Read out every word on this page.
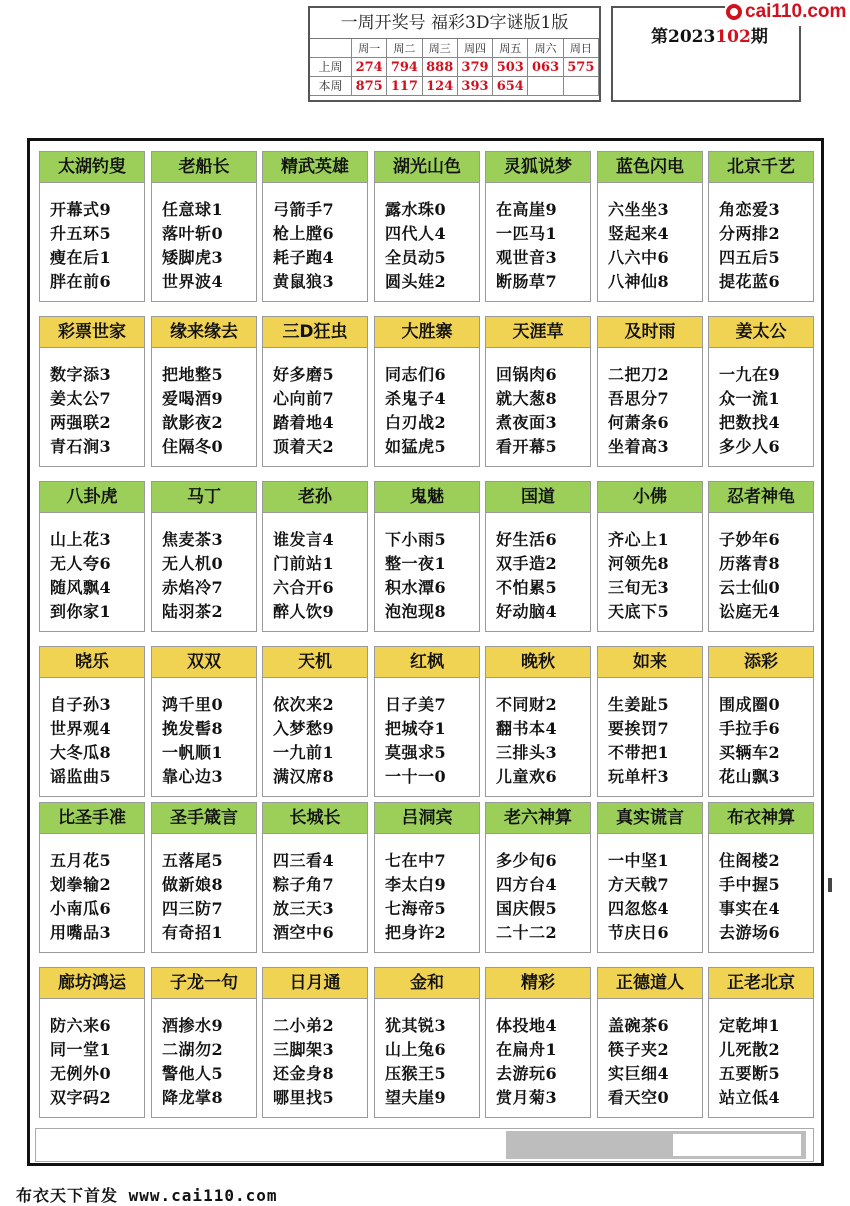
一周开奖号 福彩3D字谜版1版
周一	周二	周三	周四	周五	周六	周日
上周	274 794 888 379 503 063 575
本周	875 117 124 393 654
第2023102期
cai110.com
太湖钓叟
开幕式9
升五环5
瘦在后1
胖在前6
老船长
任意球1
落叶斩0
矮脚虎3
世界波4
精武英雄
弓箭手7
枪上膛6
耗子跑4
黄鼠狼3
湖光山色
露水珠0
四代人4
全员动5
圆头娃2
灵狐说梦
在高崖9
一匹马1
观世音3
断肠草7
蓝色闪电
六坐坐3
竖起来4
八六中6
八神仙8
北京千艺
角恋爱3
分两排2
四五后5
提花蓝6
彩票世家
数字添3
姜太公7
两强联2
青石涧3
缘来缘去
把地整5
爱喝酒9
歆影夜2
住隔冬0
三D狂虫
好多磨5
心向前7
踏着地4
顶着天2
大胜寨
同志们6
杀鬼子4
白刃战2
如猛虎5
天涯草
回锅肉6
就大葱8
煮夜面3
看开幕5
及时雨
二把刀2
吾思分7
何萧条6
坐着高3
姜太公
一九在9
众一流1
把数找4
多少人6
八卦虎
山上花3
无人夸6
随风飘4
到你家1
马丁
焦麦茶3
无人机0
赤焰冷7
陆羽茶2
老孙
谁发言4
门前站1
六合开6
醉人饮9
鬼魅
下小雨5
整一夜1
积水潭6
泡泡现8
国道
好生活6
双手造2
不怕累5
好动脑4
小佛
齐心上1
河领先8
三旬无3
天底下5
忍者神龟
子妙年6
历落青8
云士仙0
讼庭无4
晓乐
自子孙3
世界观4
大冬瓜8
谣监曲5
双双
鸿千里0
挽发髻8
一帆顺1
靠心边3
天机
依次来2
入梦愁9
一九前1
满汉席8
红枫
日子美7
把城夺1
莫强求5
一十一0
晚秋
不同财2
翻书本4
三排头3
儿童欢6
如来
生姜趾5
要挨罚7
不带把1
玩单杆3
添彩
围成圈0
手拉手6
买辆车2
花山飘3
比圣手准
五月花5
划拳输2
小南瓜6
用嘴品3
圣手箴言
五落尾5
做新娘8
四三防7
有奇招1
长城长
四三看4
粽子角7
放三天3
酒空中6
吕洞宾
七在中7
李太白9
七海帝5
把身许2
老六神算
多少旬6
四方台4
国庆假5
二十二2
真实谎言
一中坚1
方天戟7
四忽悠4
节庆日6
布衣神算
住阁楼2
手中握5
事实在4
去游场6
廊坊鸿运
防六来6
同一堂1
无例外0
双字码2
子龙一句
酒掺水9
二湖勿2
警他人5
降龙掌8
日月通
二小弟2
三脚架3
还金身8
哪里找5
金和
犹其锐3
山上兔6
压猴王5
望夫崖9
精彩
体投地4
在扁舟1
去游玩6
赏月菊3
正德道人
盖碗茶6
筷子夹2
实巨细4
看天空0
正老北京
定乾坤1
儿死散2
五要断5
站立低4
布衣天下首发 www.cai110.com
